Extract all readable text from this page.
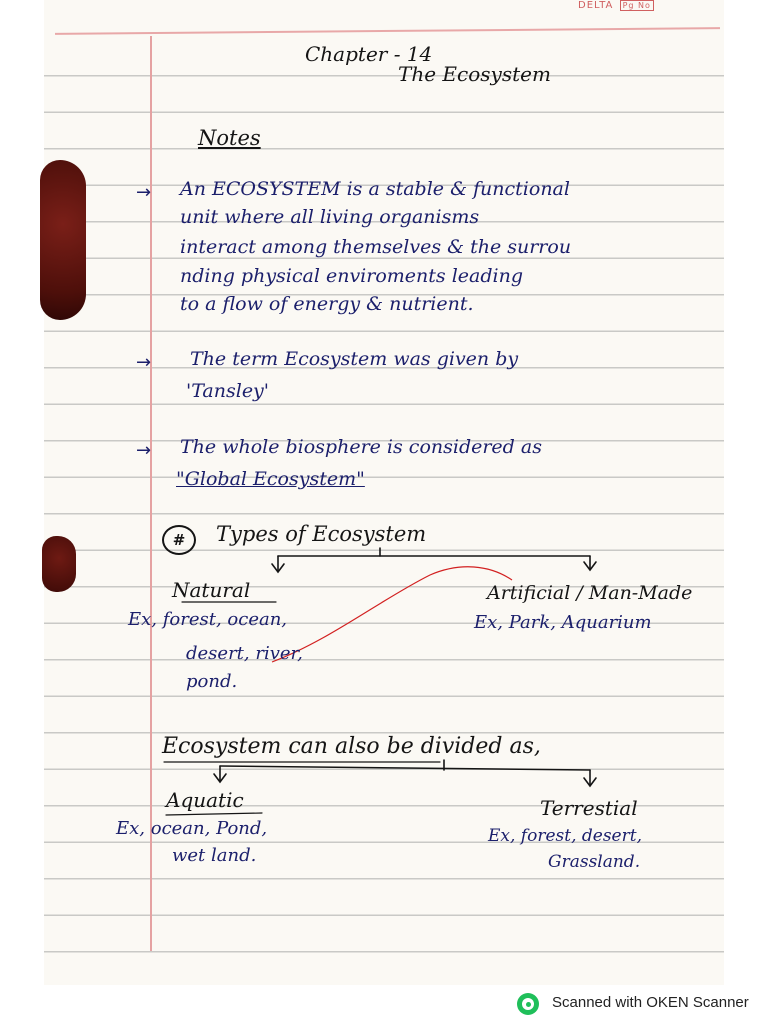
DELTA Pg No
Chapter - 14
The Ecosystem
Notes
→ An ECOSYSTEM is a stable & functional
unit where all living organisms
interact among themselves & the surrou
nding physical enviroments leading
to a flow of energy & nutrient.
→ The term Ecosystem was given by
'Tansley'
→ The whole biosphere is considered as
"Global Ecosystem"
#	Types of Ecosystem
Natural	Artificial / Man-Made
Ex, forest, ocean,
desert, river,
pond.
Ex, Park, Aquarium
Ecosystem can also be divided as,
Aquatic	Terrestial
Ex, ocean, Pond,
wet land.
Ex, forest, desert,
Grassland.
Scanned with OKEN Scanner
